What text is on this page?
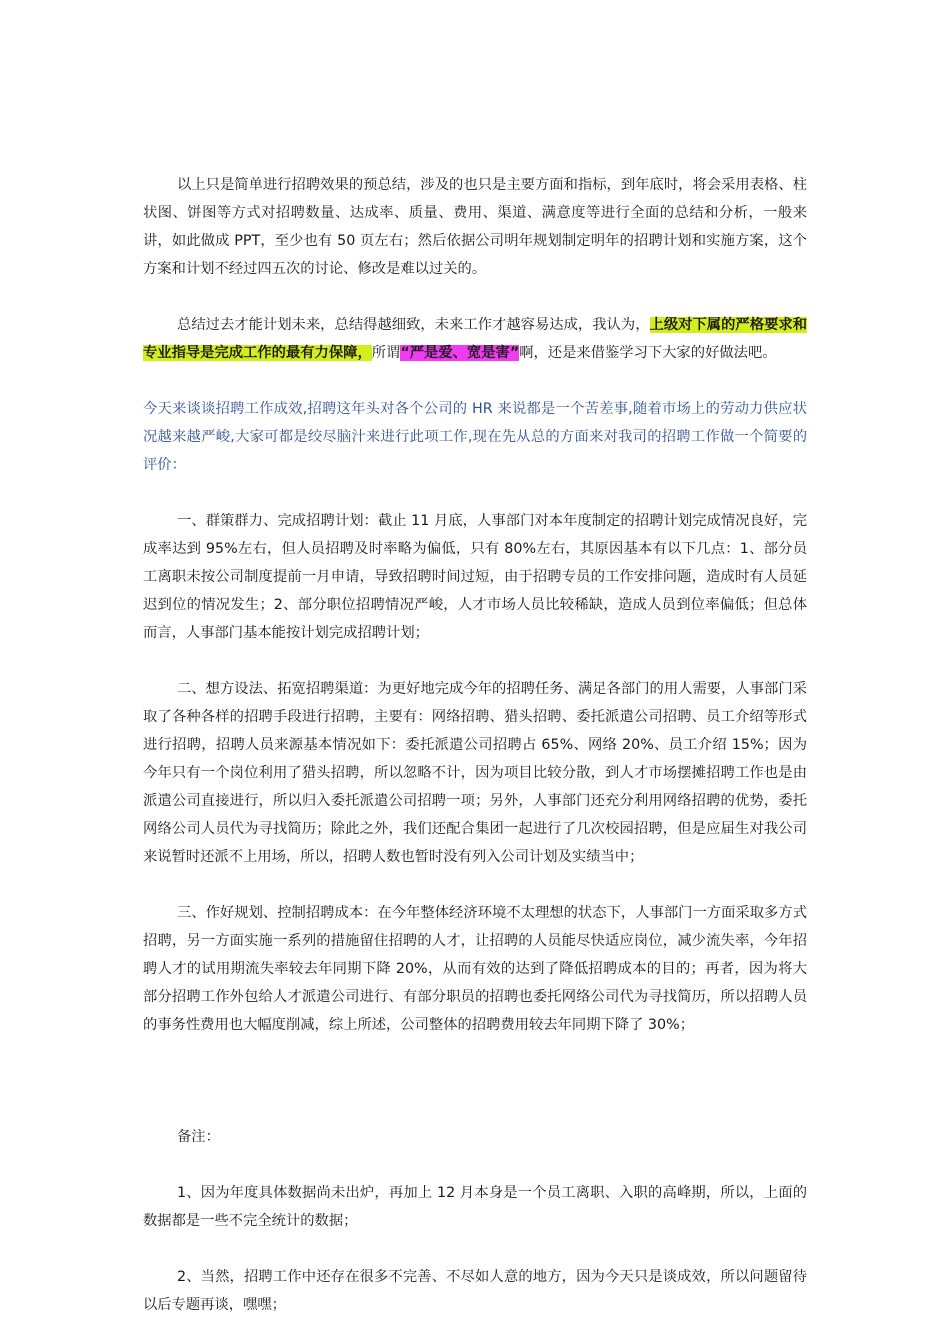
以上只是简单进行招聘效果的预总结，涉及的也只是主要方面和指标，到年底时，将会采用表格、柱状图、饼图等方式对招聘数量、达成率、质量、费用、渠道、满意度等进行全面的总结和分析，一般来讲，如此做成 PPT，至少也有 50 页左右；然后依据公司明年规划制定明年的招聘计划和实施方案，这个方案和计划不经过四五次的讨论、修改是难以过关的。

总结过去才能计划未来，总结得越细致，未来工作才越容易达成，我认为，上级对下属的严格要求和专业指导是完成工作的最有力保障，所谓“严是爱、宽是害”啊，还是来借鉴学习下大家的好做法吧。

今天来谈谈招聘工作成效,招聘这年头对各个公司的 HR 来说都是一个苦差事,随着市场上的劳动力供应状况越来越严峻,大家可都是绞尽脑汁来进行此项工作,现在先从总的方面来对我司的招聘工作做一个简要的评价：

一、群策群力、完成招聘计划：截止 11 月底，人事部门对本年度制定的招聘计划完成情况良好，完成率达到 95%左右，但人员招聘及时率略为偏低，只有 80%左右，其原因基本有以下几点：1、部分员工离职未按公司制度提前一月申请，导致招聘时间过短，由于招聘专员的工作安排问题，造成时有人员延迟到位的情况发生；2、部分职位招聘情况严峻，人才市场人员比较稀缺，造成人员到位率偏低；但总体而言，人事部门基本能按计划完成招聘计划；

二、想方设法、拓宽招聘渠道：为更好地完成今年的招聘任务、满足各部门的用人需要，人事部门采取了各种各样的招聘手段进行招聘，主要有：网络招聘、猎头招聘、委托派遣公司招聘、员工介绍等形式进行招聘，招聘人员来源基本情况如下：委托派遣公司招聘占 65%、网络 20%、员工介绍 15%；因为今年只有一个岗位利用了猎头招聘，所以忽略不计，因为项目比较分散，到人才市场摆摊招聘工作也是由派遣公司直接进行，所以归入委托派遣公司招聘一项；另外，人事部门还充分利用网络招聘的优势，委托网络公司人员代为寻找简历；除此之外，我们还配合集团一起进行了几次校园招聘，但是应届生对我公司来说暂时还派不上用场，所以，招聘人数也暂时没有列入公司计划及实绩当中；

三、作好规划、控制招聘成本：在今年整体经济环境不太理想的状态下，人事部门一方面采取多方式招聘，另一方面实施一系列的措施留住招聘的人才，让招聘的人员能尽快适应岗位，减少流失率，今年招聘人才的试用期流失率较去年同期下降 20%，从而有效的达到了降低招聘成本的目的；再者，因为将大部分招聘工作外包给人才派遣公司进行、有部分职员的招聘也委托网络公司代为寻找简历，所以招聘人员的事务性费用也大幅度削减，综上所述，公司整体的招聘费用较去年同期下降了 30%；

备注：

1、因为年度具体数据尚未出炉，再加上 12 月本身是一个员工离职、入职的高峰期，所以，上面的数据都是一些不完全统计的数据；

2、当然，招聘工作中还存在很多不完善、不尽如人意的地方，因为今天只是谈成效，所以问题留待以后专题再谈，嘿嘿；
